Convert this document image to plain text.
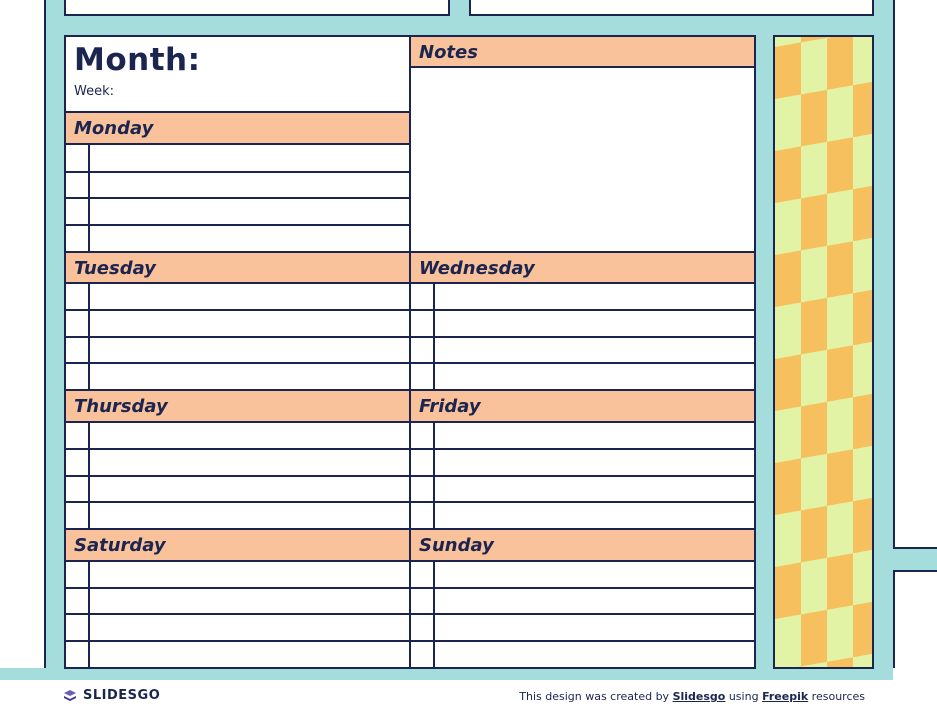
Month:
Week:
Notes
Monday
Tuesday	Wednesday
Thursday	Friday
Saturday	Sunday
SLIDESGO	This design was created by Slidesgo using Freepik resources
